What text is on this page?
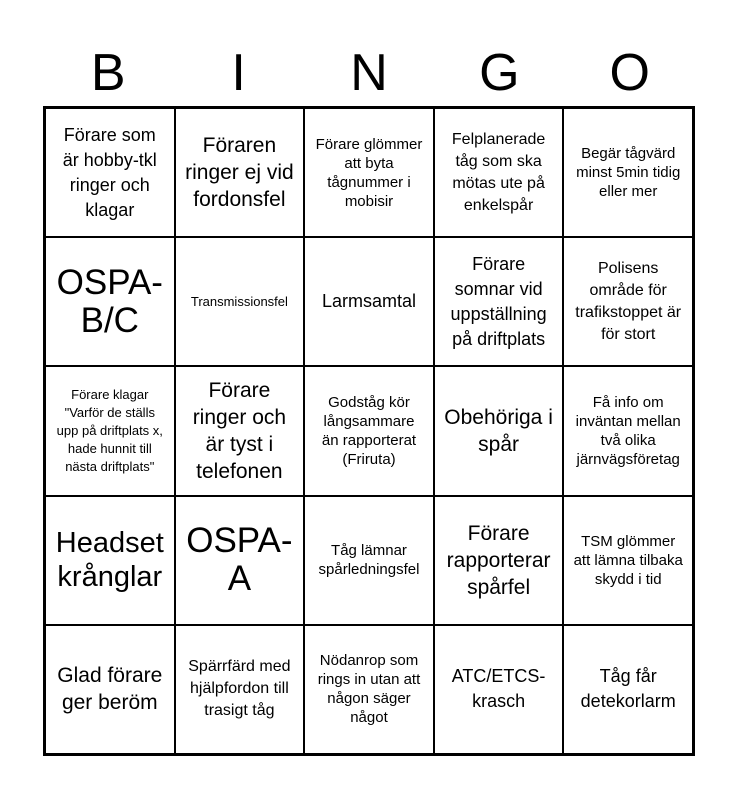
B	I	N	G	O
Förare som är hobby-tkl ringer och klagar
Föraren ringer ej vid fordonsfel
Förare glömmer att byta tågnummer i mobisir
Felplanerade tåg som ska mötas ute på enkelspår
Begär tågvärd minst 5min tidig eller mer
OSPA-B/C	Transmissionsfel Larmsamtal
Förare somnar vid uppställning på driftplats
Polisens område för trafikstoppet är för stort
Förare klagar "Varför de ställs upp på driftplats x, hade hunnit till nästa driftplats"
Förare ringer och är tyst i telefonen
Godståg kör långsammare än rapporterat (Friruta)
Obehöriga i spår
Få info om inväntan mellan två olika järnvägsföretag
Headset krånglar
OSPA-A
Tåg lämnar spårledningsfel
Förare rapporterar spårfel
TSM glömmer att lämna tilbaka skydd i tid
Glad förare ger beröm
Spärrfärd med hjälpfordon till trasigt tåg
Nödanrop som rings in utan att någon säger något
ATC/ETCS-krasch
Tåg får detekorlarm
